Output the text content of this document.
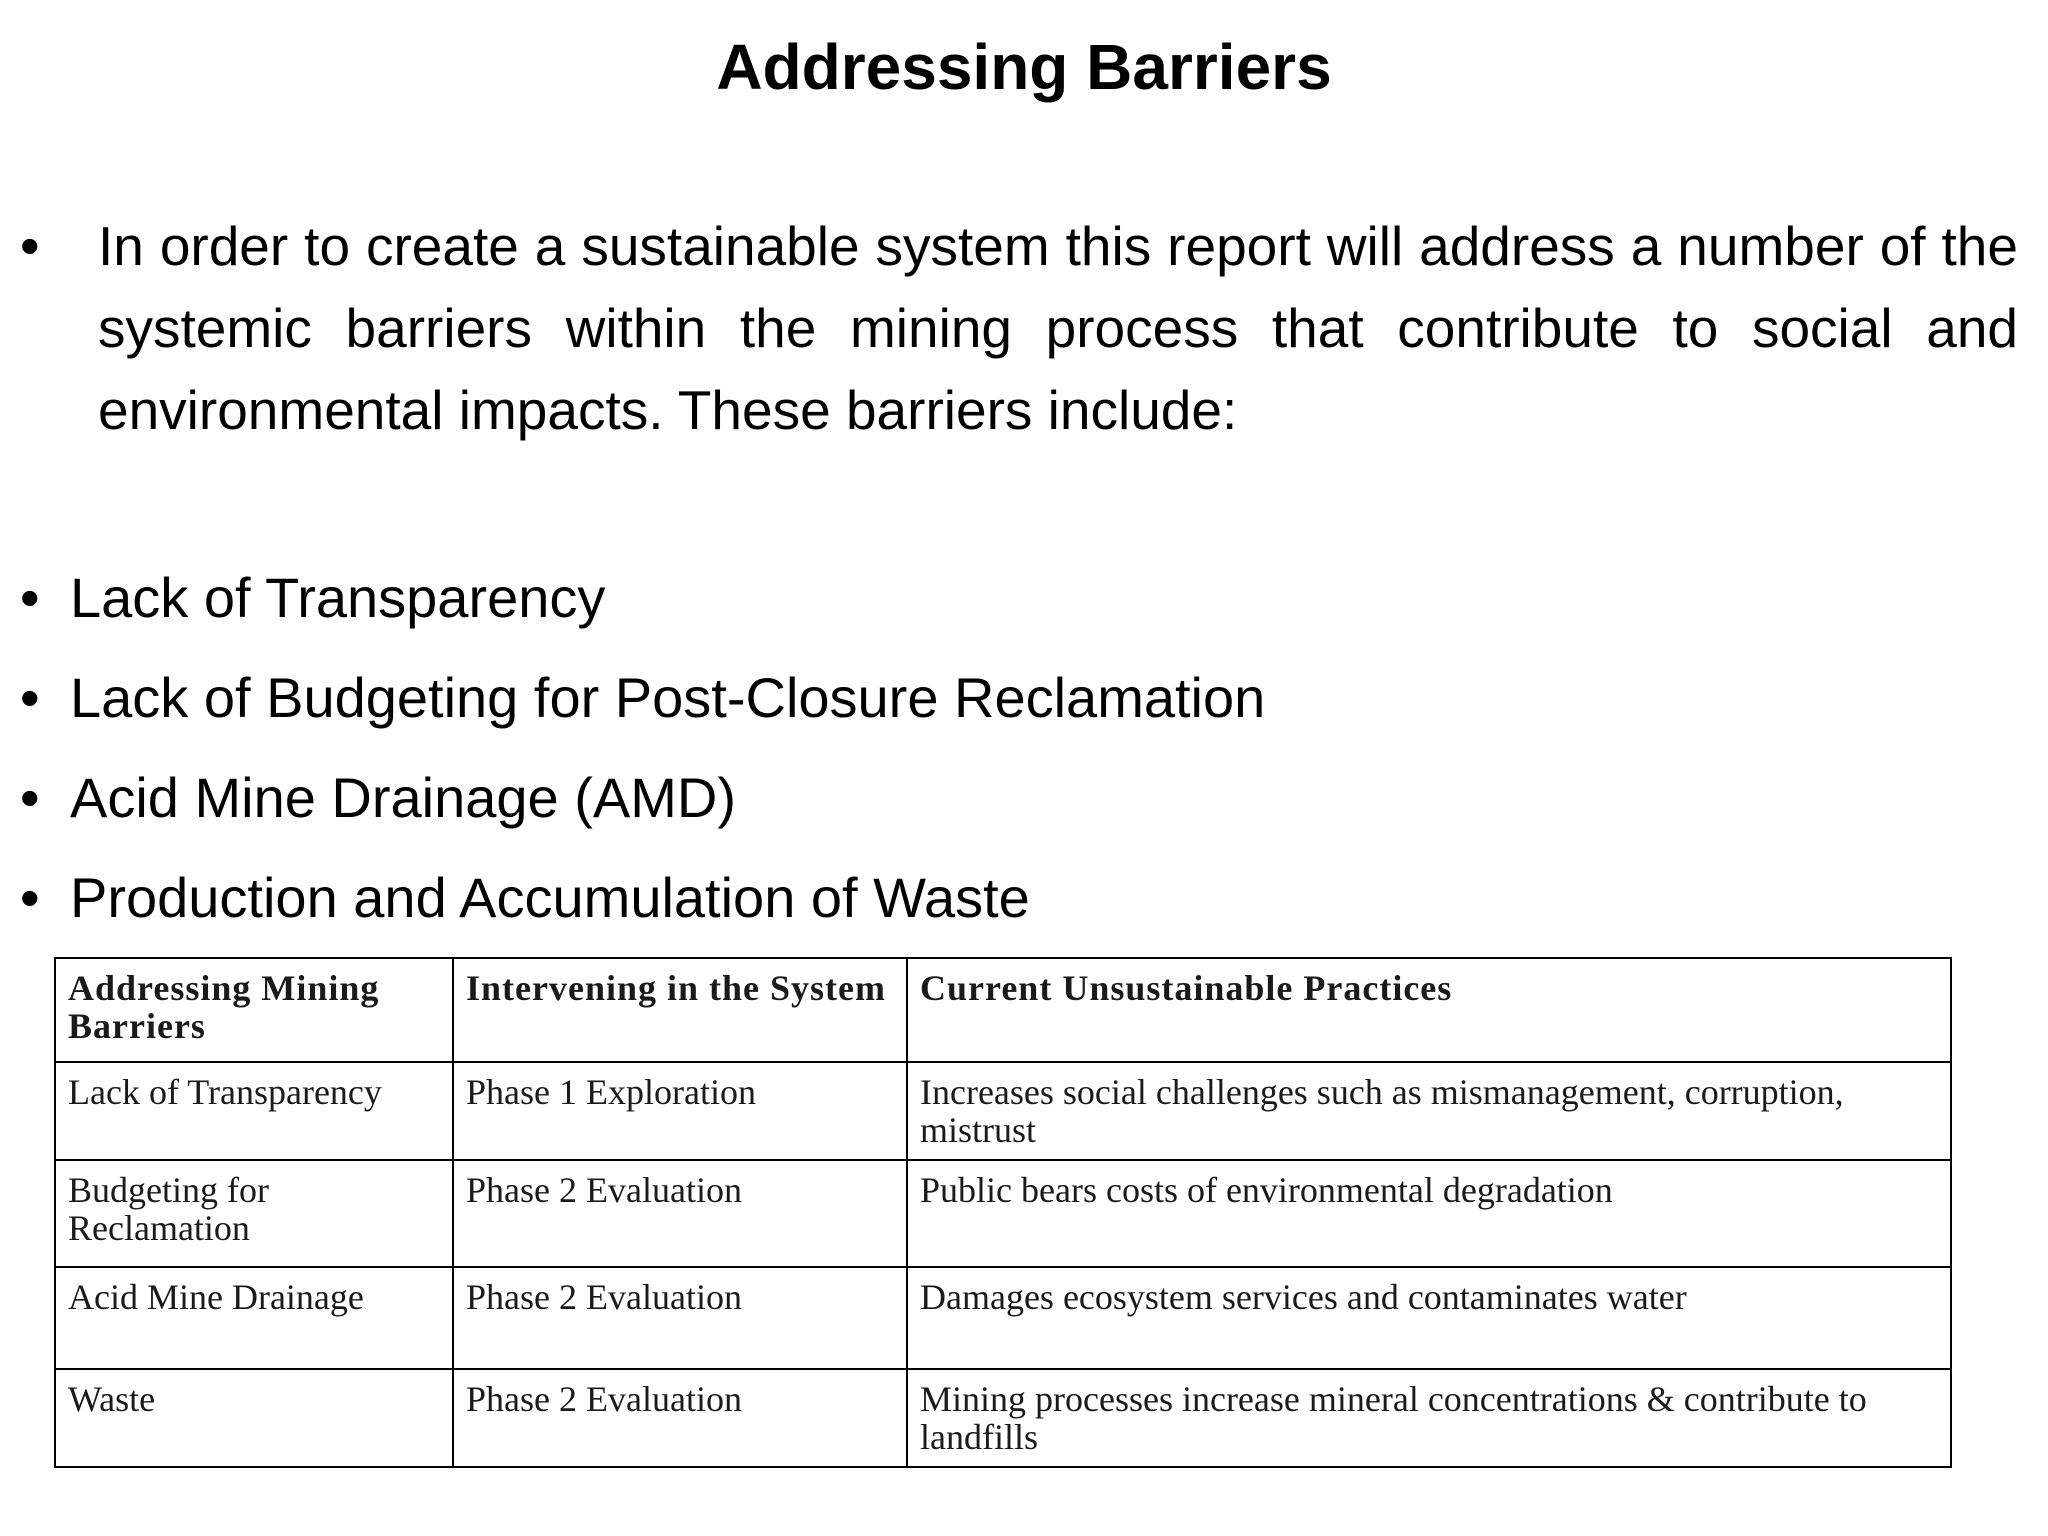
Addressing Barriers
•	In order to create a sustainable system this report will address a number of the systemic barriers within the mining process that contribute to social and environmental impacts. These barriers include:
• Lack of Transparency
• Lack of Budgeting for Post-Closure Reclamation
• Acid Mine Drainage (AMD)
• Production and Accumulation of Waste
Addressing Mining Barriers	Intervening in the System	Current Unsustainable Practices
Lack of Transparency	Phase 1 Exploration	Increases social challenges such as mismanagement, corruption, mistrust
Budgeting for Reclamation	Phase 2 Evaluation	Public bears costs of environmental degradation
Acid Mine Drainage	Phase 2 Evaluation	Damages ecosystem services and contaminates water
Waste	Phase 2 Evaluation	Mining processes increase mineral concentrations & contribute to landfills
